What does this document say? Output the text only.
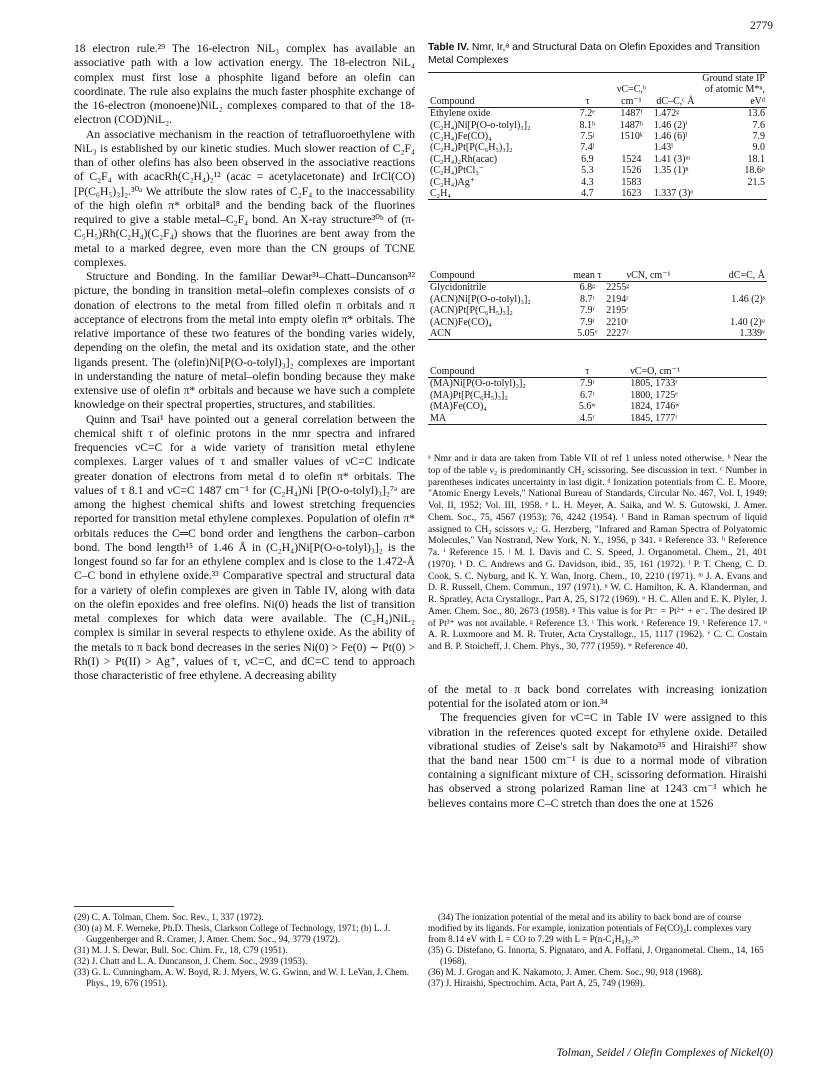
2779

18 electron rule.²⁹ The 16-electron NiL₃ complex has available an associative path with a low activation energy. The 18-electron NiL₄ complex must first lose a phosphite ligand before an olefin can coordinate. The rule also explains the much faster phosphite exchange of the 16-electron (monoene)NiL₂ complexes compared to that of the 18-electron (COD)NiL₂.

An associative mechanism in the reaction of tetrafluoroethylene with NiL₃ is established by our kinetic studies. Much slower reaction of C₂F₄ than of other olefins has also been observed in the associative reactions of C₂F₄ with acacRh(C₂H₄)₂¹² (acac = acetylacetonate) and IrCl(CO)[P(C₆H₅)₃]₂.³⁰ᵃ We attribute the slow rates of C₂F₄ to the inaccessability of the high olefin π* orbital⁸ and the bending back of the fluorines required to give a stable metal–C₂F₄ bond. An X-ray structure³⁰ᵇ of (π-C₅H₅)Rh(C₂H₄)(C₂F₄) shows that the fluorines are bent away from the metal to a marked degree, even more than the CN groups of TCNE complexes.

Structure and Bonding. In the familiar Dewar³¹–Chatt–Duncanson³² picture, the bonding in transition metal–olefin complexes consists of σ donation of electrons to the metal from filled olefin π orbitals and π acceptance of electrons from the metal into empty olefin π* orbitals. The relative importance of these two features of the bonding varies widely, depending on the olefin, the metal and its oxidation state, and the other ligands present. The (olefin)Ni[P(O-o-tolyl)₃]₂ complexes are important in understanding the nature of metal–olefin bonding because they make extensive use of olefin π* orbitals and because we have such a complete knowledge on their spectral properties, structures, and stabilities.

Quinn and Tsai¹ have pointed out a general correlation between the chemical shift τ of olefinic protons in the nmr spectra and infrared frequencies νC=C for a wide variety of transition metal ethylene complexes. Larger values of τ and smaller values of νC=C indicate greater donation of electrons from metal d to olefin π* orbitals. The values of τ 8.1 and νC=C 1487 cm⁻¹ for (C₂H₄)Ni [P(O-o-tolyl)₃]₂⁷ᵃ are among the highest chemical shifts and lowest stretching frequencies reported for transition metal ethylene complexes. Population of olefin π* orbitals reduces the C═C bond order and lengthens the carbon–carbon bond. The bond length¹⁵ of 1.46 Å in (C₂H₄)Ni[P(O-o-tolyl)₃]₂ is the longest found so far for an ethylene complex and is close to the 1.472-Å C–C bond in ethylene oxide.³³ Comparative spectral and structural data for a variety of olefin complexes are given in Table IV, along with data on the olefin epoxides and free olefins. Ni(0) heads the list of transition metal complexes for which data were available. The (C₂H₄)NiL₂ complex is similar in several respects to ethylene oxide. As the ability of the metals to π back bond decreases in the series Ni(0) > Fe(0) ∼ Pt(0) > Rh(I) > Pt(II) > Ag⁺, values of τ, νC=C, and dC=C tend to approach those characteristic of free ethylene. A decreasing ability

Table IV. Nmr, Ir,ᵃ and Structural Data on Olefin Epoxides and Transition Metal Complexes
Compound	τ	νC=C,ᵇ cm⁻¹	dC–C,ᶜ Å	Ground state IP of atomic M*ⁿ, eVᵈ
Ethylene oxide	7.2ᵉ	1487ᶠ	1.472ᵍ	13.6
(C₂H₄)Ni[P(O-o-tolyl)₃]₂	8.1ʰ	1487ʰ	1.46 (2)ⁱ	7.6
(C₂H₄)Fe(CO)₄	7.5ʲ	1510ᵏ	1.46 (6)ˡ	7.9
(C₂H₄)Pt[P(C₆H₅)₃]₂	7.4ˡ		1.43ˡ	9.0
(C₂H₄)₂Rh(acac)	6.9	1524	1.41 (3)ᵐ	18.1
(C₂H₄)PtCl₃⁻	5.3	1526	1.35 (1)ⁿ	18.6ᵖ
(C₂H₄)Ag⁺	4.3	1583		21.5
C₂H₄	4.7	1623	1.337 (3)ᵒ	
Compound	mean τ	νCN, cm⁻¹	dC=C, Å
Glycidonitrile	6.8ᵍ	2255ᵍ	
(ACN)Ni[P(O-o-tolyl)₃]₂	8.7ʳ	2194ʳ	1.46 (2)ˢ
(ACN)Pt[P(C₆H₅)₃]₂	7.9ʳ	2195ʳ	
(ACN)Fe(CO)₄	7.9ᵗ	2210ᵗ	1.40 (2)ᵘ
ACN	5.05ᵛ	2227ʳ	1.339ᵛ
Compound	τ	νC=O, cm⁻¹
(MA)Ni[P(O-o-tolyl)₃]₂	7.9ʳ	1805, 1733ʳ
(MA)Pt[P(C₆H₅)₃]₂	6.7ʳ	1800, 1725ᵉ
(MA)Fe(CO)₄	5.6ʷ	1824, 1746ʷ
MA	4.5ʳ	1845, 1777ʳ
ᵃ Nmr and ir data are taken from Table VII of ref 1 unless noted otherwise. ᵇ Near the top of the table ν₂ is predominantly CH₂ scissoring. See discussion in text. ᶜ Number in parentheses indicates uncertainty in last digit. ᵈ Ionization potentials from C. E. Moore, "Atomic Energy Levels," National Bureau of Standards, Circular No. 467, Vol. I, 1949; Vol. II, 1952; Vol. III, 1958. ᵉ L. H. Meyer, A. Saika, and W. S. Gutowski, J. Amer. Chem. Soc., 75, 4567 (1953); 76, 4242 (1954). ᶠ Band in Raman spectrum of liquid assigned to CH₂ scissors ν₂: G. Herzberg, "Infrared and Raman Spectra of Polyatomic Molecules," Van Nostrand, New York, N. Y., 1956, p 341. ᵍ Reference 33. ʰ Reference 7a. ⁱ Reference 15. ʲ M. I. Davis and C. S. Speed, J. Organometal. Chem., 21, 401 (1970). ᵏ D. C. Andrews and G. Davidson, ibid., 35, 161 (1972). ˡ P. T. Cheng, C. D. Cook, S. C. Nyburg, and K. Y. Wan, Inorg. Chem., 10, 2210 (1971). ᵐ J. A. Evans and D. R. Russell, Chem. Commun., 197 (1971). ⁿ W. C. Hamilton, K. A. Klanderman, and R. Spratley, Acta Crystallogr., Part A, 25, S172 (1969). ᵒ H. C. Allen and E. K. Plyler, J. Amer. Chem. Soc., 80, 2673 (1958). ᵖ This value is for Pt⁻ = Pt²⁺ + e⁻. The desired IP of Pt³⁺ was not available. ᵍ Reference 13. ʳ This work. ˢ Reference 19. ᵗ Reference 17. ᵘ A. R. Luxmoore and M. R. Truter, Acta Crystallogr., 15, 1117 (1962). ᵛ C. C. Costain and B. P. Stoicheff, J. Chem. Phys., 30, 777 (1959). ʷ Reference 40.

of the metal to π back bond correlates with increasing ionization potential for the isolated atom or ion.³⁴

The frequencies given for νC=C in Table IV were assigned to this vibration in the references quoted except for ethylene oxide. Detailed vibrational studies of Zeise's salt by Nakamoto³⁵ and Hiraishi³⁷ show that the band near 1500 cm⁻¹ is due to a normal mode of vibration containing a significant mixture of CH₂ scissoring deformation. Hiraishi has observed a strong polarized Raman line at 1243 cm⁻¹ which he believes contains more C–C stretch than does the one at 1526

(29) C. A. Tolman, Chem. Soc. Rev., 1, 337 (1972).
(30) (a) M. F. Werneke, Ph.D. Thesis, Clarkson College of Technology, 1971; (b) L. J. Guggenberger and R. Cramer, J. Amer. Chem. Soc., 94, 3779 (1972).
(31) M. J. S. Dewar, Bull. Soc. Chim. Fr., 18, C79 (1951).
(32) J. Chatt and L. A. Duncanson, J. Chem. Soc., 2939 (1953).
(33) G. L. Cunningham, A. W. Boyd, R. J. Myers, W. G. Gwinn, and W. I. LeVan, J. Chem. Phys., 19, 676 (1951).
(34) The ionization potential of the metal and its ability to back bond are of course modified by its ligands. For example, ionization potentials of Fe(CO)₄L complexes vary from 8.14 eV with L = CO to 7.29 with L = P(n-C₄H₉)₃.³⁵
(35) G. Distefano, G. Innorta, S. Pignataro, and A. Foffani, J. Organometal. Chem., 14, 165 (1968).
(36) M. J. Grogan and K. Nakamoto, J. Amer. Chem. Soc., 90, 918 (1968).
(37) J. Hiraishi, Spectrochim. Acta, Part A, 25, 749 (1969).
Tolman, Seidel / Olefin Complexes of Nickel(0)
